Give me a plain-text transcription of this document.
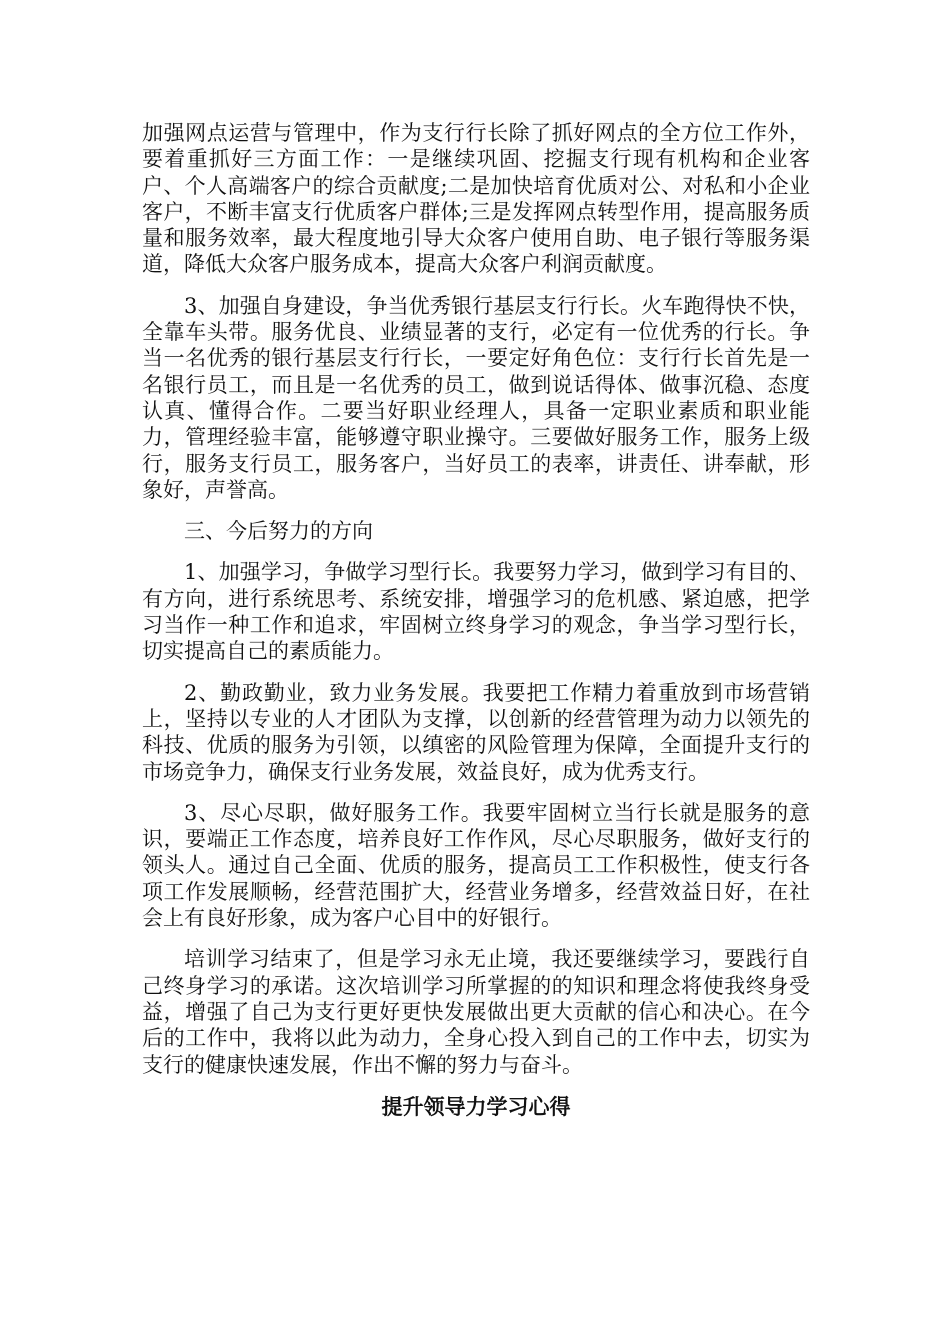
加强网点运营与管理中，作为支行行长除了抓好网点的全方位工作外，要着重抓好三方面工作：一是继续巩固、挖掘支行现有机构和企业客户、个人高端客户的综合贡献度;二是加快培育优质对公、对私和小企业客户，不断丰富支行优质客户群体;三是发挥网点转型作用，提高服务质量和服务效率，最大程度地引导大众客户使用自助、电子银行等服务渠道，降低大众客户服务成本，提高大众客户利润贡献度。

3、加强自身建设，争当优秀银行基层支行行长。火车跑得快不快，全靠车头带。服务优良、业绩显著的支行，必定有一位优秀的行长。争当一名优秀的银行基层支行行长，一要定好角色位：支行行长首先是一名银行员工，而且是一名优秀的员工，做到说话得体、做事沉稳、态度认真、懂得合作。二要当好职业经理人，具备一定职业素质和职业能力，管理经验丰富，能够遵守职业操守。三要做好服务工作，服务上级行，服务支行员工，服务客户，当好员工的表率，讲责任、讲奉献，形象好，声誉高。

三、今后努力的方向

1、加强学习，争做学习型行长。我要努力学习，做到学习有目的、有方向，进行系统思考、系统安排，增强学习的危机感、紧迫感，把学习当作一种工作和追求，牢固树立终身学习的观念，争当学习型行长，切实提高自己的素质能力。

2、勤政勤业，致力业务发展。我要把工作精力着重放到市场营销上，坚持以专业的人才团队为支撑，以创新的经营管理为动力以领先的科技、优质的服务为引领，以缜密的风险管理为保障，全面提升支行的市场竞争力，确保支行业务发展，效益良好，成为优秀支行。

3、尽心尽职，做好服务工作。我要牢固树立当行长就是服务的意识，要端正工作态度，培养良好工作作风，尽心尽职服务，做好支行的领头人。通过自己全面、优质的服务，提高员工工作积极性，使支行各项工作发展顺畅，经营范围扩大，经营业务增多，经营效益日好，在社会上有良好形象，成为客户心目中的好银行。

培训学习结束了，但是学习永无止境，我还要继续学习，要践行自己终身学习的承诺。这次培训学习所掌握的的知识和理念将使我终身受益，增强了自己为支行更好更快发展做出更大贡献的信心和决心。在今后的工作中，我将以此为动力，全身心投入到自己的工作中去，切实为支行的健康快速发展，作出不懈的努力与奋斗。

提升领导力学习心得
